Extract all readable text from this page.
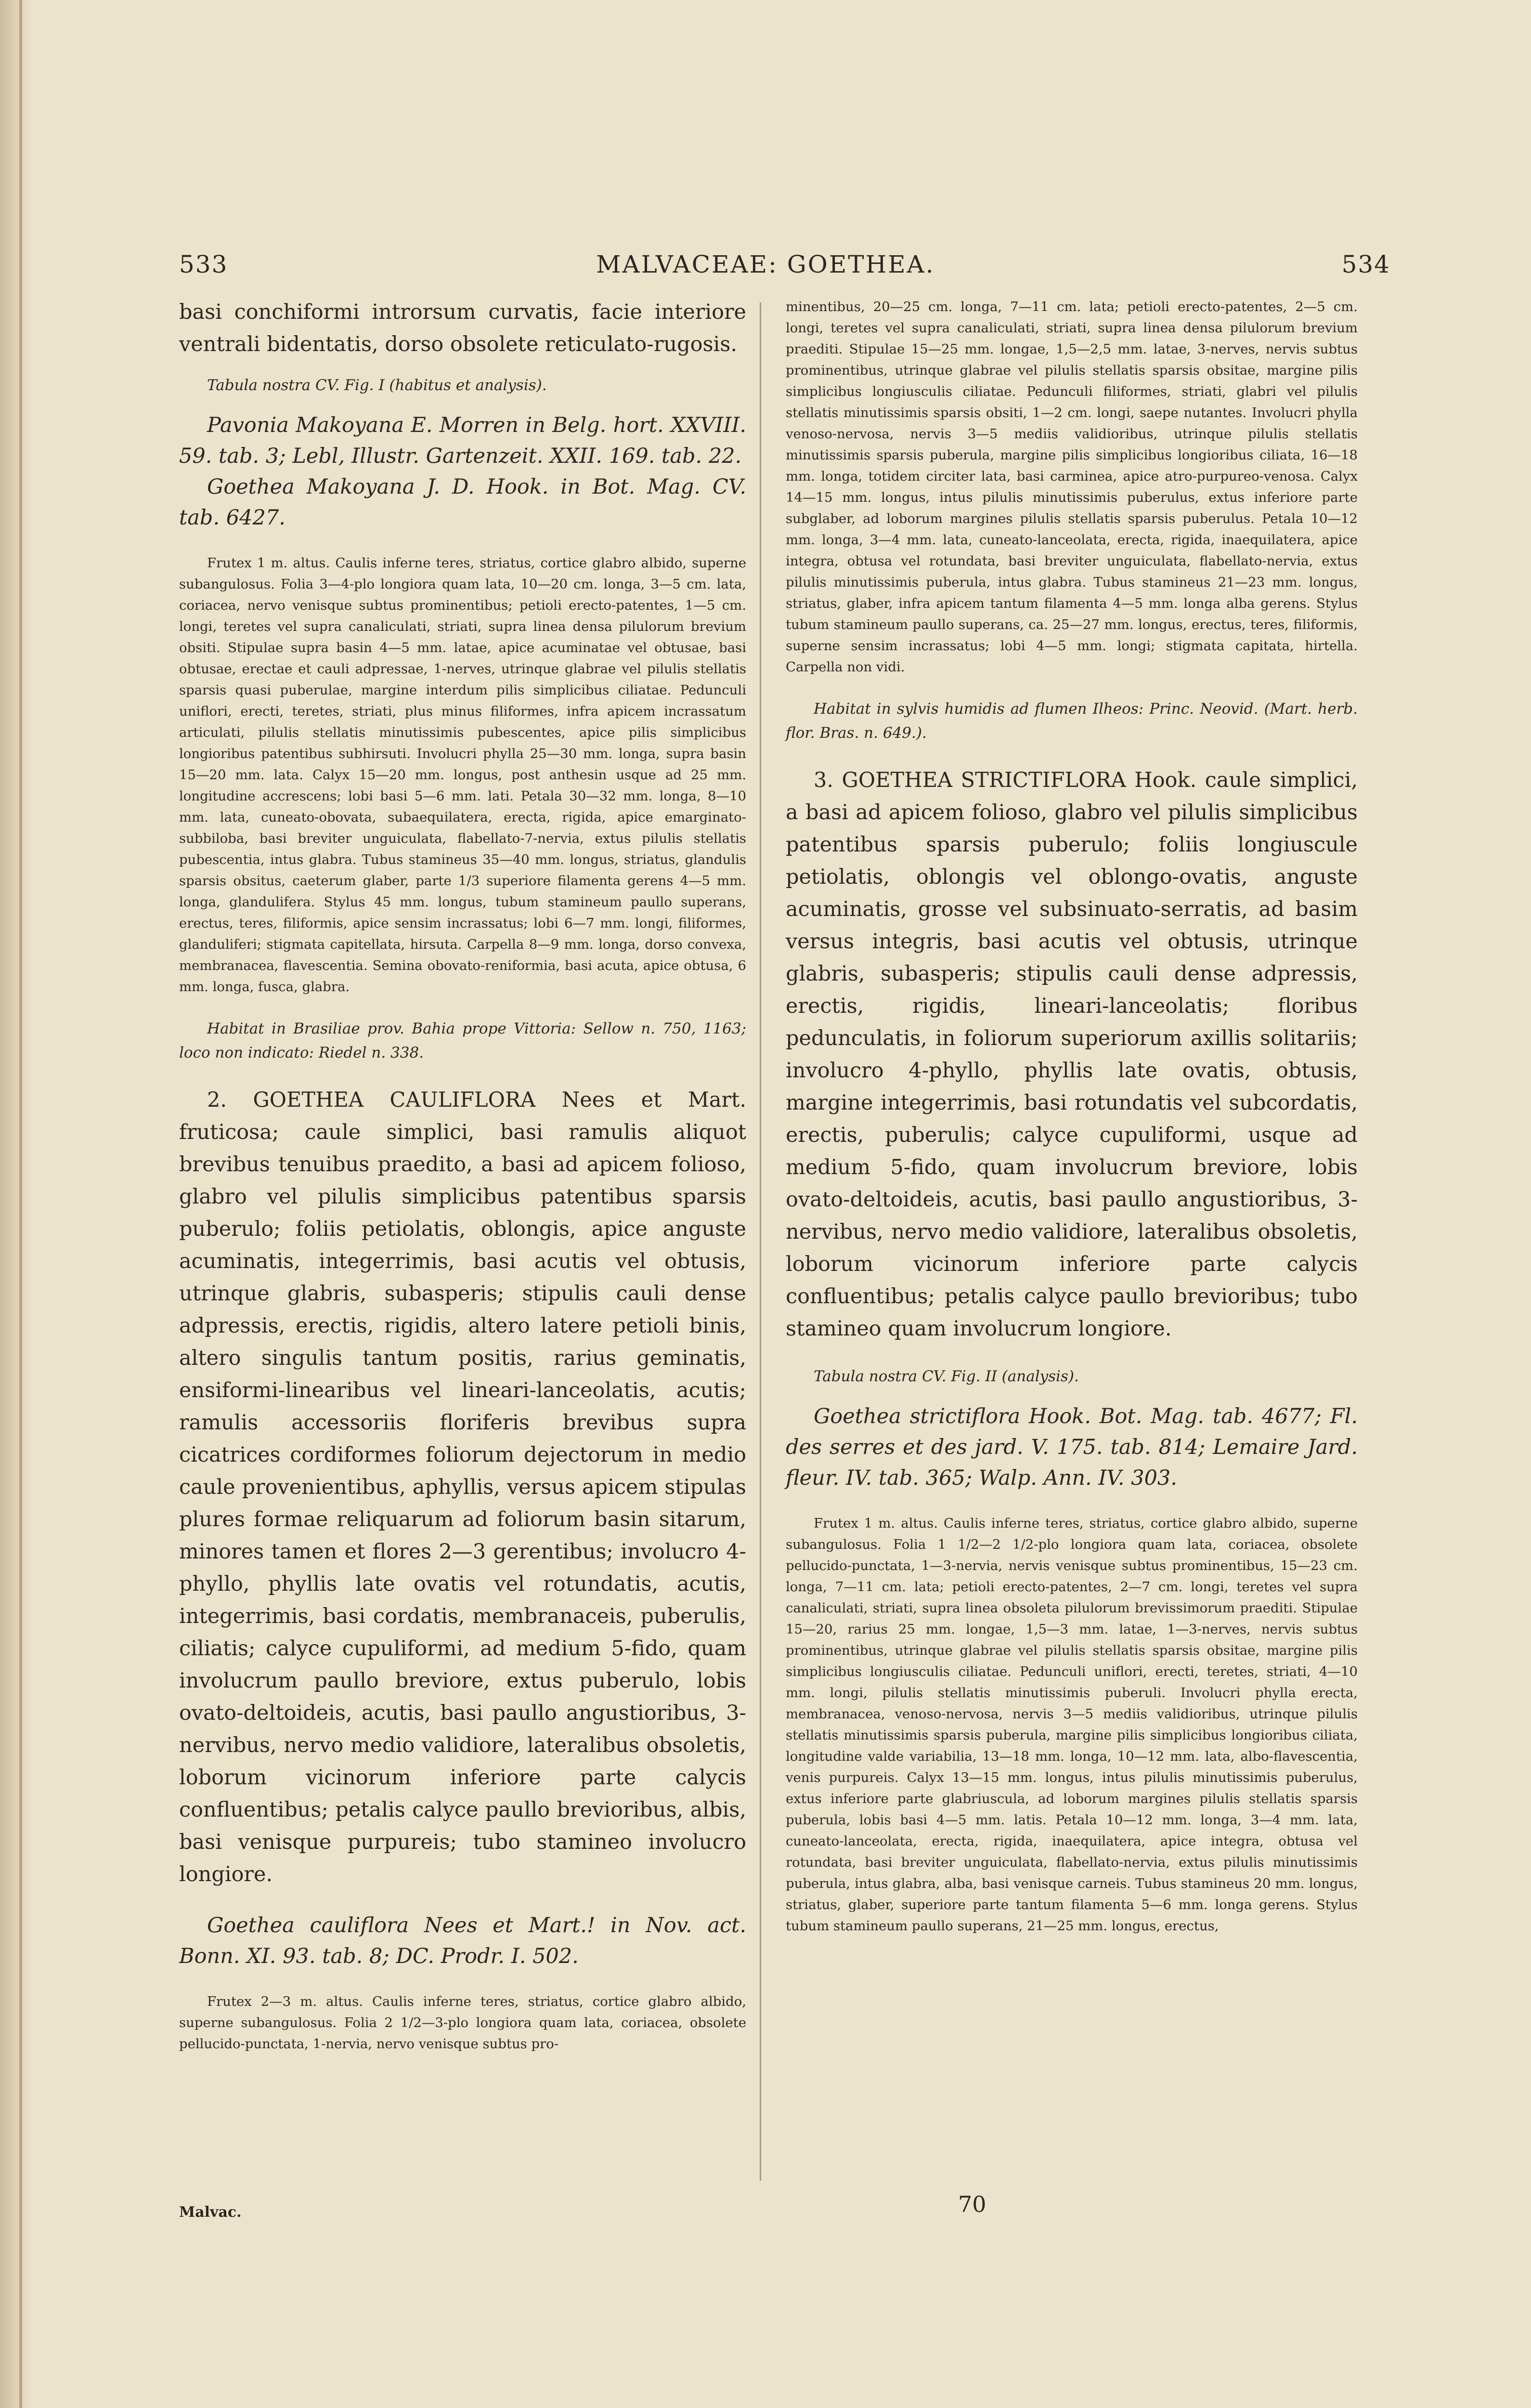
533	MALVACEAE: GOETHEA.	534

basi conchiformi introrsum curvatis, facie interiore ventrali bidentatis, dorso obsolete reticulato-rugosis.

Tabula nostra CV. Fig. I (habitus et analysis).

Pavonia Makoyana E. Morren in Belg. hort. XXVIII. 59. tab. 3; Lebl, Illustr. Gartenzeit. XXII. 169. tab. 22.

Goethea Makoyana J. D. Hook. in Bot. Mag. CV. tab. 6427.

Frutex 1 m. altus. Caulis inferne teres, striatus, cortice glabro albido, superne subangulosus. Folia 3—4-plo longiora quam lata, 10—20 cm. longa, 3—5 cm. lata, coriacea, nervo venisque subtus prominentibus; petioli erecto-patentes, 1—5 cm. longi, teretes vel supra canaliculati, striati, supra linea densa pilulorum brevium obsiti. Stipulae supra basin 4—5 mm. latae, apice acuminatae vel obtusae, basi obtusae, erectae et cauli adpressae, 1-nerves, utrinque glabrae vel pilulis stellatis sparsis quasi puberulae, margine interdum pilis simplicibus ciliatae. Pedunculi uniflori, erecti, teretes, striati, plus minus filiformes, infra apicem incrassatum articulati, pilulis stellatis minutissimis pubescentes, apice pilis simplicibus longioribus patentibus subhirsuti. Involucri phylla 25—30 mm. longa, supra basin 15—20 mm. lata. Calyx 15—20 mm. longus, post anthesin usque ad 25 mm. longitudine accrescens; lobi basi 5—6 mm. lati. Petala 30—32 mm. longa, 8—10 mm. lata, cuneato-obovata, subaequilatera, erecta, rigida, apice emarginato-subbiloba, basi breviter unguiculata, flabellato-7-nervia, extus pilulis stellatis pubescentia, intus glabra. Tubus stamineus 35—40 mm. longus, striatus, glandulis sparsis obsitus, caeterum glaber, parte 1/3 superiore filamenta gerens 4—5 mm. longa, glandulifera. Stylus 45 mm. longus, tubum stamineum paullo superans, erectus, teres, filiformis, apice sensim incrassatus; lobi 6—7 mm. longi, filiformes, glanduliferi; stigmata capitellata, hirsuta. Carpella 8—9 mm. longa, dorso convexa, membranacea, flavescentia. Semina obovato-reniformia, basi acuta, apice obtusa, 6 mm. longa, fusca, glabra.

Habitat in Brasiliae prov. Bahia prope Vittoria: Sellow n. 750, 1163; loco non indicato: Riedel n. 338.

2. GOETHEA CAULIFLORA Nees et Mart. fruticosa; caule simplici, basi ramulis aliquot brevibus tenuibus praedito, a basi ad apicem folioso, glabro vel pilulis simplicibus patentibus sparsis puberulo; foliis petiolatis, oblongis, apice anguste acuminatis, integerrimis, basi acutis vel obtusis, utrinque glabris, subasperis; stipulis cauli dense adpressis, erectis, rigidis, altero latere petioli binis, altero singulis tantum positis, rarius geminatis, ensiformi-linearibus vel lineari-lanceolatis, acutis; ramulis accessoriis floriferis brevibus supra cicatrices cordiformes foliorum dejectorum in medio caule provenientibus, aphyllis, versus apicem stipulas plures formae reliquarum ad foliorum basin sitarum, minores tamen et flores 2—3 gerentibus; involucro 4-phyllo, phyllis late ovatis vel rotundatis, acutis, integerrimis, basi cordatis, membranaceis, puberulis, ciliatis; calyce cupuliformi, ad medium 5-fido, quam involucrum paullo breviore, extus puberulo, lobis ovato-deltoideis, acutis, basi paullo angustioribus, 3-nervibus, nervo medio validiore, lateralibus obsoletis, loborum vicinorum inferiore parte calycis confluentibus; petalis calyce paullo brevioribus, albis, basi venisque purpureis; tubo stamineo involucro longiore.

Goethea cauliflora Nees et Mart.! in Nov. act. Bonn. XI. 93. tab. 8; DC. Prodr. I. 502.

Frutex 2—3 m. altus. Caulis inferne teres, striatus, cortice glabro albido, superne subangulosus. Folia 2 1/2—3-plo longiora quam lata, coriacea, obsolete pellucido-punctata, 1-nervia, nervo venisque subtus pro-

Malvac.

minentibus, 20—25 cm. longa, 7—11 cm. lata; petioli erecto-patentes, 2—5 cm. longi, teretes vel supra canaliculati, striati, supra linea densa pilulorum brevium praediti. Stipulae 15—25 mm. longae, 1,5—2,5 mm. latae, 3-nerves, nervis subtus prominentibus, utrinque glabrae vel pilulis stellatis sparsis obsitae, margine pilis simplicibus longiusculis ciliatae. Pedunculi filiformes, striati, glabri vel pilulis stellatis minutissimis sparsis obsiti, 1—2 cm. longi, saepe nutantes. Involucri phylla venoso-nervosa, nervis 3—5 mediis validioribus, utrinque pilulis stellatis minutissimis sparsis puberula, margine pilis simplicibus longioribus ciliata, 16—18 mm. longa, totidem circiter lata, basi carminea, apice atro-purpureo-venosa. Calyx 14—15 mm. longus, intus pilulis minutissimis puberulus, extus inferiore parte subglaber, ad loborum margines pilulis stellatis sparsis puberulus. Petala 10—12 mm. longa, 3—4 mm. lata, cuneato-lanceolata, erecta, rigida, inaequilatera, apice integra, obtusa vel rotundata, basi breviter unguiculata, flabellato-nervia, extus pilulis minutissimis puberula, intus glabra. Tubus stamineus 21—23 mm. longus, striatus, glaber, infra apicem tantum filamenta 4—5 mm. longa alba gerens. Stylus tubum stamineum paullo superans, ca. 25—27 mm. longus, erectus, teres, filiformis, superne sensim incrassatus; lobi 4—5 mm. longi; stigmata capitata, hirtella. Carpella non vidi.

Habitat in sylvis humidis ad flumen Ilheos: Princ. Neovid. (Mart. herb. flor. Bras. n. 649.).

3. GOETHEA STRICTIFLORA Hook. caule simplici, a basi ad apicem folioso, glabro vel pilulis simplicibus patentibus sparsis puberulo; foliis longiuscule petiolatis, oblongis vel oblongo-ovatis, anguste acuminatis, grosse vel subsinuato-serratis, ad basim versus integris, basi acutis vel obtusis, utrinque glabris, subasperis; stipulis cauli dense adpressis, erectis, rigidis, lineari-lanceolatis; floribus pedunculatis, in foliorum superiorum axillis solitariis; involucro 4-phyllo, phyllis late ovatis, obtusis, margine integerrimis, basi rotundatis vel subcordatis, erectis, puberulis; calyce cupuliformi, usque ad medium 5-fido, quam involucrum breviore, lobis ovato-deltoideis, acutis, basi paullo angustioribus, 3-nervibus, nervo medio validiore, lateralibus obsoletis, loborum vicinorum inferiore parte calycis confluentibus; petalis calyce paullo brevioribus; tubo stamineo quam involucrum longiore.

Tabula nostra CV. Fig. II (analysis).

Goethea strictiflora Hook. Bot. Mag. tab. 4677; Fl. des serres et des jard. V. 175. tab. 814; Lemaire Jard. fleur. IV. tab. 365; Walp. Ann. IV. 303.

Frutex 1 m. altus. Caulis inferne teres, striatus, cortice glabro albido, superne subangulosus. Folia 1 1/2—2 1/2-plo longiora quam lata, coriacea, obsolete pellucido-punctata, 1—3-nervia, nervis venisque subtus prominentibus, 15—23 cm. longa, 7—11 cm. lata; petioli erecto-patentes, 2—7 cm. longi, teretes vel supra canaliculati, striati, supra linea obsoleta pilulorum brevissimorum praediti. Stipulae 15—20, rarius 25 mm. longae, 1,5—3 mm. latae, 1—3-nerves, nervis subtus prominentibus, utrinque glabrae vel pilulis stellatis sparsis obsitae, margine pilis simplicibus longiusculis ciliatae. Pedunculi uniflori, erecti, teretes, striati, 4—10 mm. longi, pilulis stellatis minutissimis puberuli. Involucri phylla erecta, membranacea, venoso-nervosa, nervis 3—5 mediis validioribus, utrinque pilulis stellatis minutissimis sparsis puberula, margine pilis simplicibus longioribus ciliata, longitudine valde variabilia, 13—18 mm. longa, 10—12 mm. lata, albo-flavescentia, venis purpureis. Calyx 13—15 mm. longus, intus pilulis minutissimis puberulus, extus inferiore parte glabriuscula, ad loborum margines pilulis stellatis sparsis puberula, lobis basi 4—5 mm. latis. Petala 10—12 mm. longa, 3—4 mm. lata, cuneato-lanceolata, erecta, rigida, inaequilatera, apice integra, obtusa vel rotundata, basi breviter unguiculata, flabellato-nervia, extus pilulis minutissimis puberula, intus glabra, alba, basi venisque carneis. Tubus stamineus 20 mm. longus, striatus, glaber, superiore parte tantum filamenta 5—6 mm. longa gerens. Stylus tubum stamineum paullo superans, 21—25 mm. longus, erectus,

70
